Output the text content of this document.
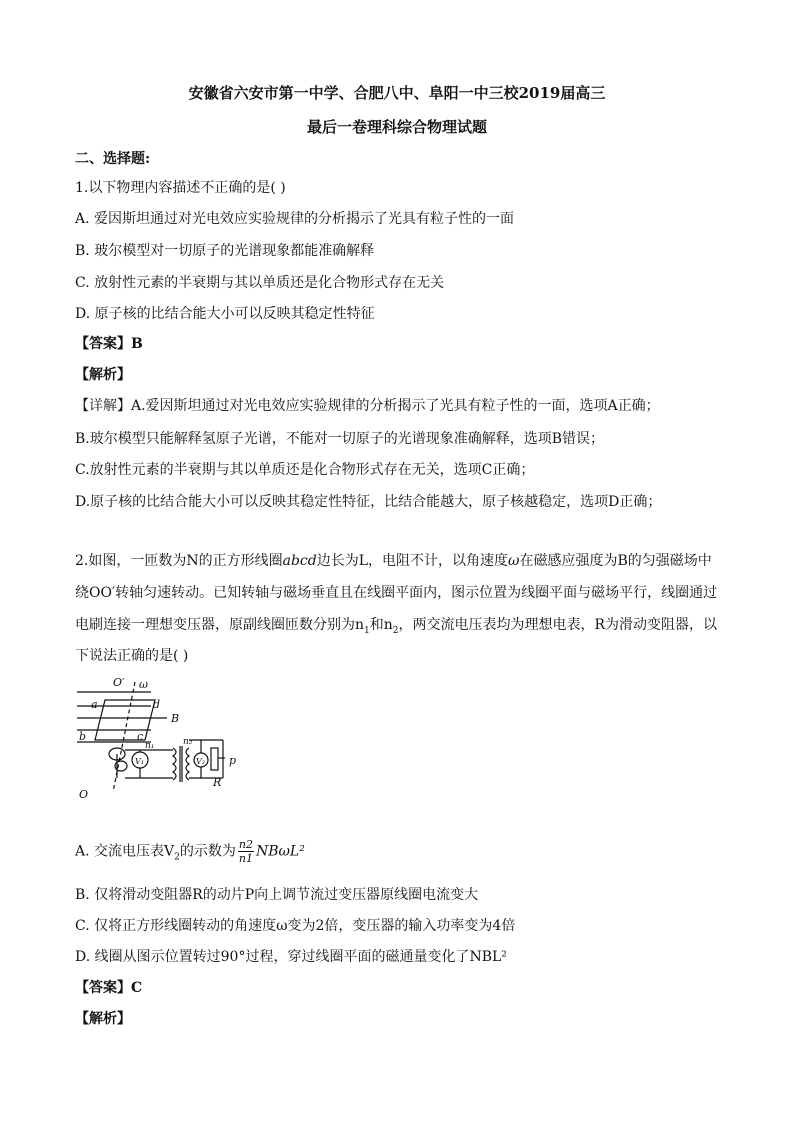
安徽省六安市第一中学、合肥八中、阜阳一中三校2019届高三
最后一卷理科综合物理试题
二、选择题:
1.以下物理内容描述不正确的是( )
A. 爱因斯坦通过对光电效应实验规律的分析揭示了光具有粒子性的一面
B. 玻尔模型对一切原子的光谱现象都能准确解释
C. 放射性元素的半衰期与其以单质还是化合物形式存在无关
D. 原子核的比结合能大小可以反映其稳定性特征
【答案】B
【解析】
【详解】A.爱因斯坦通过对光电效应实验规律的分析揭示了光具有粒子性的一面，选项A正确；
B.玻尔模型只能解释氢原子光谱，不能对一切原子的光谱现象准确解释，选项B错误；
C.放射性元素的半衰期与其以单质还是化合物形式存在无关，选项C正确；
D.原子核的比结合能大小可以反映其稳定性特征，比结合能越大，原子核越稳定，选项D正确；
2.如图，一匝数为N的正方形线圈abcd边长为L，电阻不计，以角速度ω在磁感应强度为B的匀强磁场中
绕OO′转轴匀速转动。已知转轴与磁场垂直且在线圈平面内，图示位置为线圈平面与磁场平行，线圈通过
电刷连接一理想变压器，原副线圈匝数分别为$n_1$和$n_2$，两交流电压表均为理想电表，R为滑动变阻器，以
下说法正确的是( )
O′ ω
a	d
B
b	c
n₁	n₂
V₁	V₂ p
R
O
A. 交流电压表$V_2$的示数为 $\frac{n2}{n1} NB\omega L^2$
B. 仅将滑动变阻器R的动片P向上调节流过变压器原线圈电流变大
C. 仅将正方形线圈转动的角速度ω变为2倍，变压器的输入功率变为4倍
D. 线圈从图示位置转过90°过程，穿过线圈平面的磁通量变化了NBL²
【答案】C
【解析】
